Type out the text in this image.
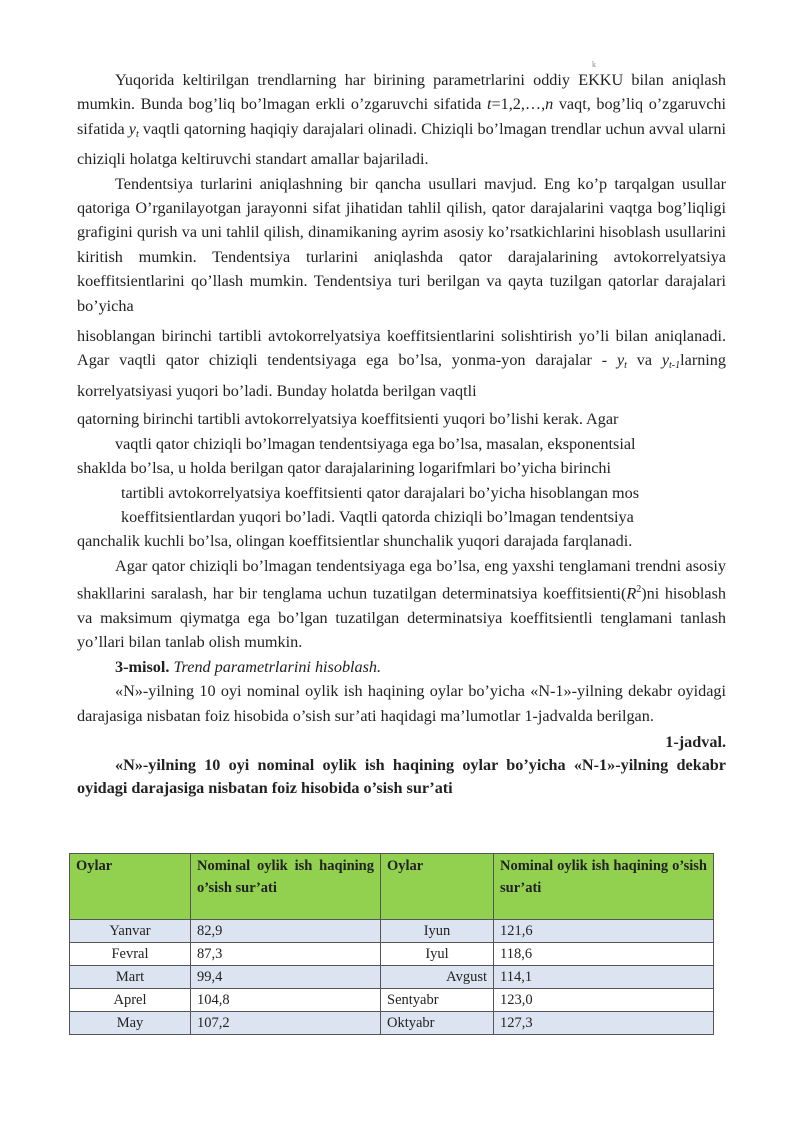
k

Yuqorida keltirilgan trendlarning har birining parametrlarini oddiy EKKU bilan aniqlash mumkin. Bunda bog’liq bo’lmagan erkli o’zgaruvchi sifatida t=1,2,…,n vaqt, bog’liq o’zgaruvchi sifatida $y_t$ vaqtli qatorning haqiqiy darajalari olinadi. Chiziqli bo’lmagan trendlar uchun avval ularni chiziqli holatga keltiruvchi standart amallar bajariladi.

Tendentsiya turlarini aniqlashning bir qancha usullari mavjud. Eng ko’p tarqalgan usullar qatoriga O’rganilayotgan jarayonni sifat jihatidan tahlil qilish, qator darajalarini vaqtga bog’liqligi grafigini qurish va uni tahlil qilish, dinamikaning ayrim asosiy ko’rsatkichlarini hisoblash usullarini kiritish mumkin. Tendentsiya turlarini aniqlashda qator darajalarining avtokorrelyatsiya koeffitsientlarini qo’llash mumkin. Tendentsiya turi berilgan va qayta tuzilgan qatorlar darajalari bo’yicha

hisoblangan birinchi tartibli avtokorrelyatsiya koeffitsientlarini solishtirish yo’li bilan aniqlanadi. Agar vaqtli qator chiziqli tendentsiyaga ega bo’lsa, yonma-yon darajalar - $y_t$ va $y_{t-1}larning$ korrelyatsiyasi yuqori bo’ladi. Bunday holatda berilgan vaqtli

qatorning birinchi tartibli avtokorrelyatsiya koeffitsienti yuqori bo’lishi kerak. Agar

vaqtli qator chiziqli bo’lmagan tendentsiyaga ega bo’lsa, masalan, eksponentsial

shaklda bo’lsa, u holda berilgan qator darajalarining logarifmlari bo’yicha birinchi

tartibli avtokorrelyatsiya koeffitsienti qator darajalari bo’yicha hisoblangan mos

koeffitsientlardan yuqori bo’ladi. Vaqtli qatorda chiziqli bo’lmagan tendentsiya

qanchalik kuchli bo’lsa, olingan koeffitsientlar shunchalik yuqori darajada farqlanadi.

Agar qator chiziqli bo’lmagan tendentsiyaga ega bo’lsa, eng yaxshi tenglamani trendni asosiy shakllarini saralash, har bir tenglama uchun tuzatilgan determinatsiya $koeffitsienti(R^2)ni$ hisoblash va maksimum qiymatga ega bo’lgan tuzatilgan determinatsiya koeffitsientli tenglamani tanlash yo’llari bilan tanlab olish mumkin.

3-misol. Trend parametrlarini hisoblash.

«N»-yilning 10 oyi nominal oylik ish haqining oylar bo’yicha «N-1»-yilning dekabr oyidagi darajasiga nisbatan foiz hisobida o’sish sur’ati haqidagi ma’lumotlar 1-jadvalda berilgan.

1-jadval.

«N»-yilning 10 oyi nominal oylik ish haqining oylar bo’yicha «N-1»-yilning dekabr oyidagi darajasiga nisbatan foiz hisobida o’sish sur’ati

Oylar	Nominal oylik ish haqining o’sish sur’ati	Oylar	Nominal oylik ish haqining o’sish sur’ati
Yanvar	82,9	Iyun	121,6
Fevral	87,3	Iyul	118,6
Mart	99,4	Avgust	114,1
Aprel	104,8	Sentyabr	123,0
May	107,2	Oktyabr	127,3
